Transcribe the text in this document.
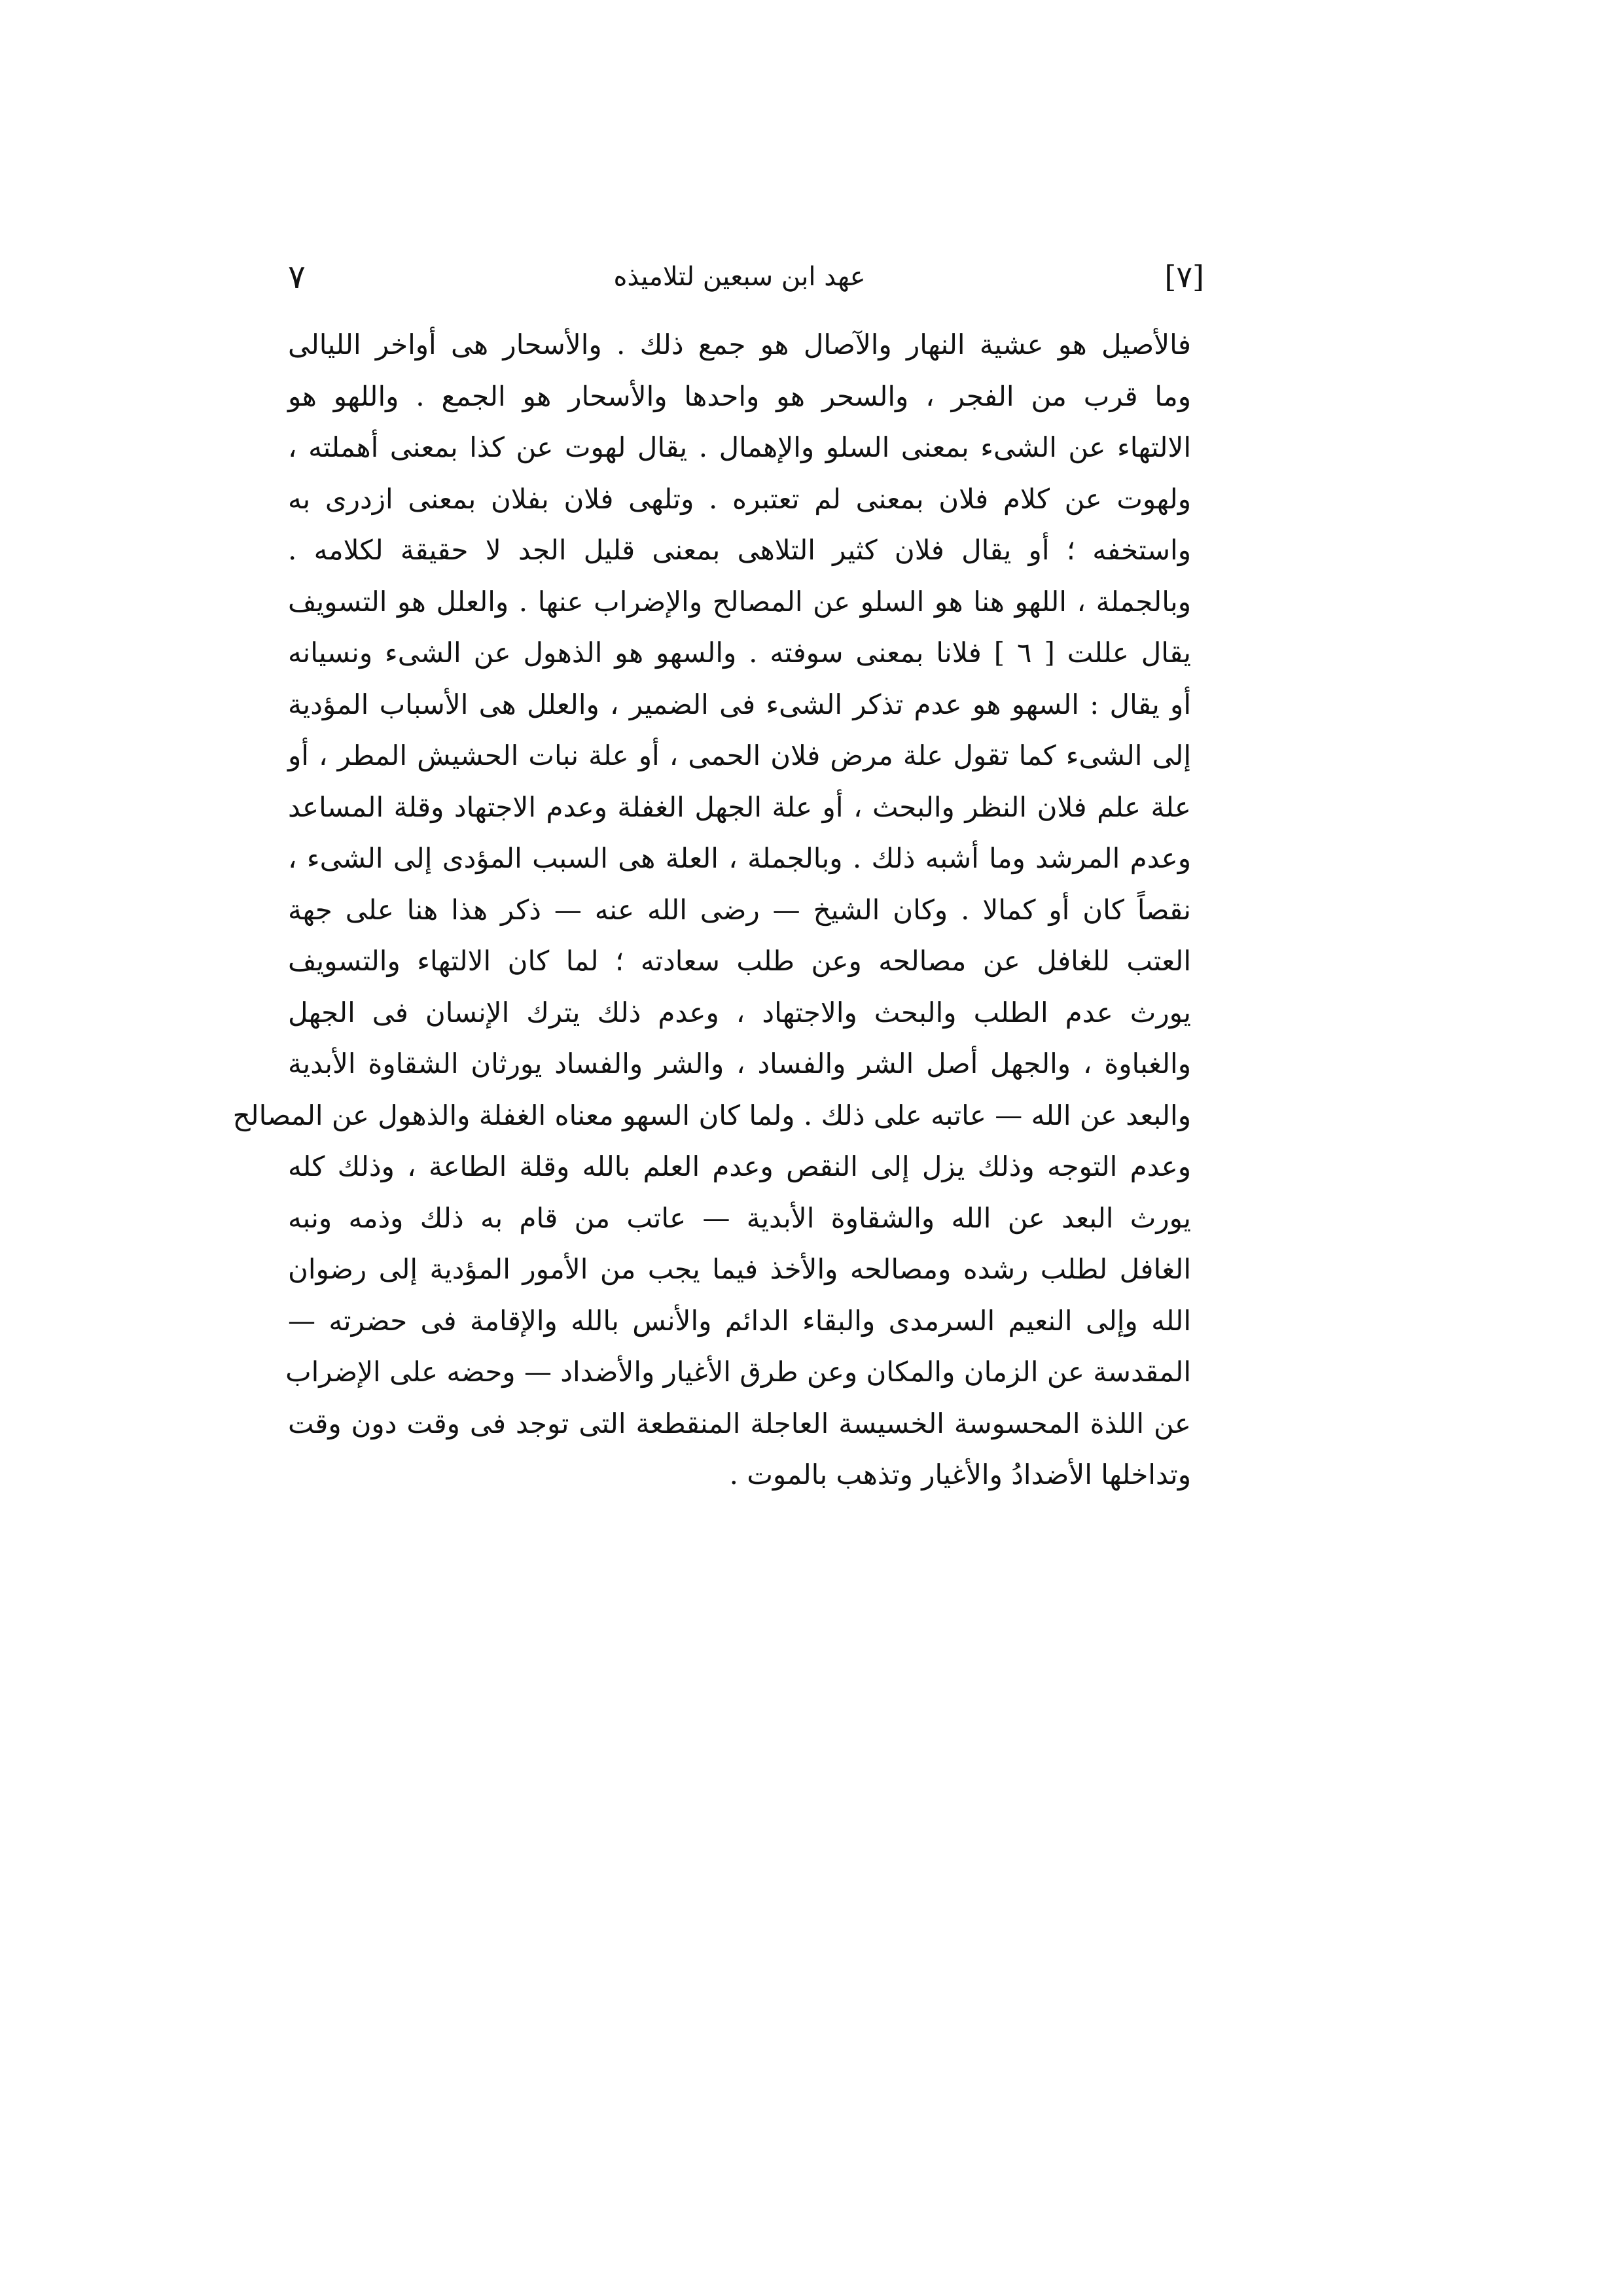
٧	عهد ابن سبعين لتلاميذه	[٧]
فالأصيل هو عشية النهار والآصال هو جمع ذلك . والأسحار هى أواخر الليالى
وما قرب من الفجر ، والسحر هو واحدها والأسحار هو الجمع . واللهو هو
الالتهاء عن الشىء بمعنى السلو والإهمال . يقال لهوت عن كذا بمعنى أهملته ،
ولهوت عن كلام فلان بمعنى لم تعتبره . وتلهى فلان بفلان بمعنى ازدرى به
واستخفه ؛ أو يقال فلان كثير التلاهى بمعنى قليل الجد لا حقيقة لكلامه .
وبالجملة ، اللهو هنا هو السلو عن المصالح والإضراب عنها . والعلل هو التسويف
يقال عللت [ ٦ ] فلانا بمعنى سوفته . والسهو هو الذهول عن الشىء ونسيانه
أو يقال : السهو هو عدم تذكر الشىء فى الضمير ، والعلل هى الأسباب المؤدية
إلى الشىء كما تقول علة مرض فلان الحمى ، أو علة نبات الحشيش المطر ، أو
علة علم فلان النظر والبحث ، أو علة الجهل الغفلة وعدم الاجتهاد وقلة المساعد
وعدم المرشد وما أشبه ذلك . وبالجملة ، العلة هى السبب المؤدى إلى الشىء ،
نقصاً كان أو كمالا . وكان الشيخ — رضى الله عنه — ذكر هذا هنا على جهة
العتب للغافل عن مصالحه وعن طلب سعادته ؛ لما كان الالتهاء والتسويف
يورث عدم الطلب والبحث والاجتهاد ، وعدم ذلك يترك الإنسان فى الجهل
والغباوة ، والجهل أصل الشر والفساد ، والشر والفساد يورثان الشقاوة الأبدية
والبعد عن الله — عاتبه على ذلك . ولما كان السهو معناه الغفلة والذهول عن المصالح
وعدم التوجه وذلك يزل إلى النقص وعدم العلم بالله وقلة الطاعة ، وذلك كله
يورث البعد عن الله والشقاوة الأبدية — عاتب من قام به ذلك وذمه ونبه
الغافل لطلب رشده ومصالحه والأخذ فيما يجب من الأمور المؤدية إلى رضوان
الله وإلى النعيم السرمدى والبقاء الدائم والأنس بالله والإقامة فى حضرته —
المقدسة عن الزمان والمكان وعن طرق الأغيار والأضداد — وحضه على الإضراب
عن اللذة المحسوسة الخسيسة العاجلة المنقطعة التى توجد فى وقت دون وقت
وتداخلها الأضدادُ والأغيار وتذهب بالموت .
